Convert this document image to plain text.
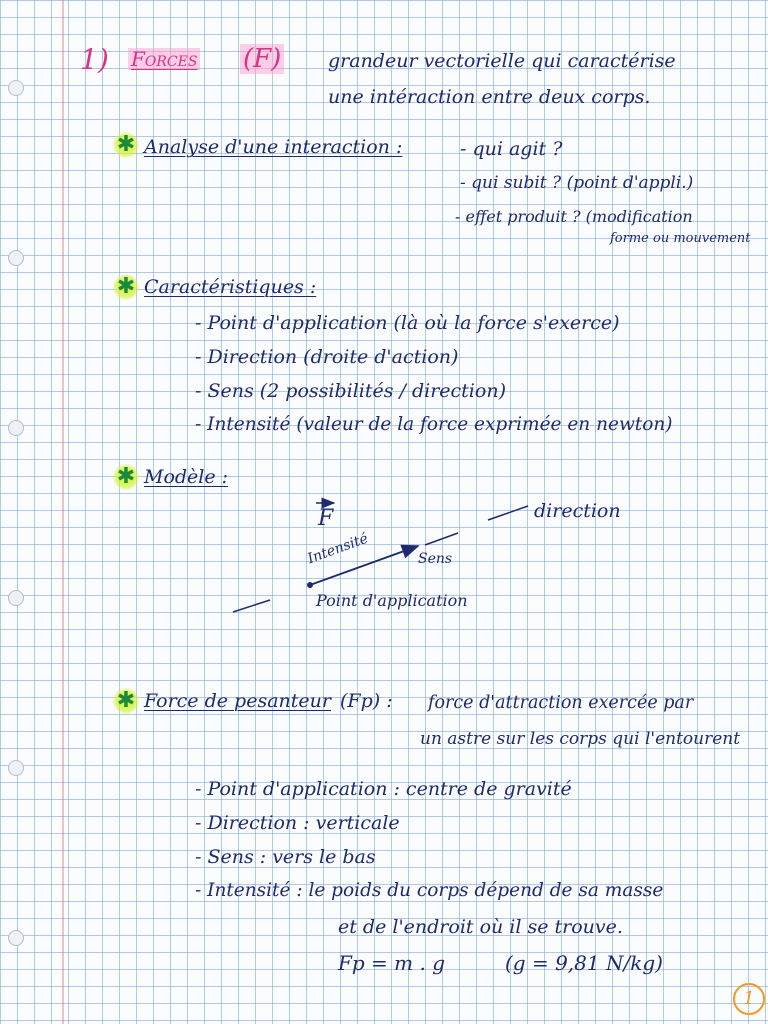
1) Forces (F) grandeur vectorielle qui caractérise
une intéraction entre deux corps.
✱ Analyse d'une interaction :	- qui agit ?
- qui subit ? (point d'appli.)
- effet produit ? (modification
forme ou mouvement
✱ Caractéristiques :
- Point d'application (là où la force s'exerce)
- Direction (droite d'action)
- Sens (2 possibilités / direction)
- Intensité (valeur de la force exprimée en newton)
✱ Modèle :
F	direction
Intensité	Sens
Point d'application
✱ Force de pesanteur (Fp) : force d'attraction exercée par
un astre sur les corps qui l'entourent
- Point d'application : centre de gravité
- Direction : verticale
- Sens : vers le bas
- Intensité : le poids du corps dépend de sa masse
et de l'endroit où il se trouve.
Fp = m . g	(g = 9,81 N/kg)
1
